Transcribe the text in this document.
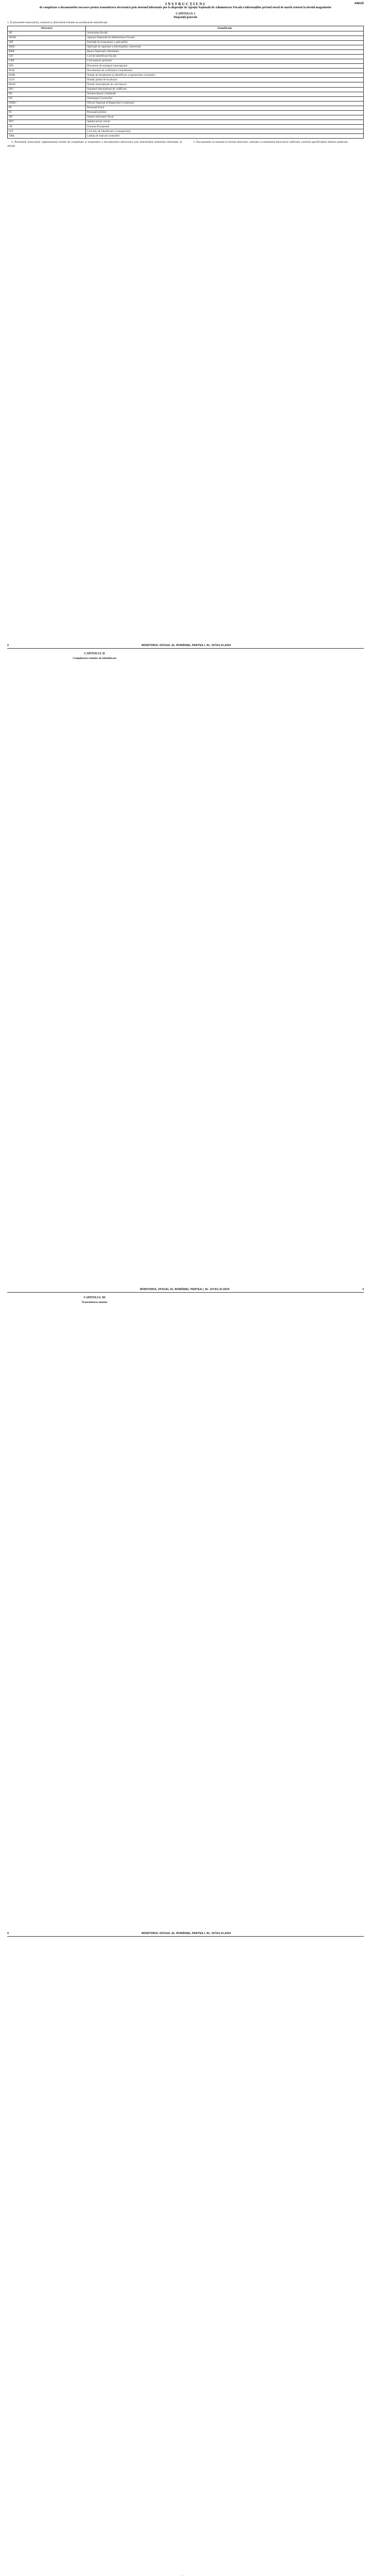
ANEXĂ
INSTRUCȚIUNI
de completare a documentelor necesare pentru transmiterea electronică prin sistemul informatic pus la dispoziție de Agenția Națională de Administrare Fiscală a informațiilor privind stocul de marfă existent la nivelul magazinelor
CAPITOLUL I
Dispoziții generale
1. În prezentele instrucțiuni, termenii și abrevierile folosite au următoarele semnificații:
Abreviere	Semnificație
AF	Autoritatea fiscală
ANAF	Agenția Națională de Administrare Fiscală
API	Interfață de programare a aplicațiilor
ARIC	Aplicație de raportare a informațiilor comerciale
BNR	Banca Națională a României
CIF	Cod de identificare fiscală
CNP	Cod numeric personal
DTI	Document de transport internațional
DUK	Documentul de confirmare a transferului
EORI	Număr de înregistrare și identificare a operatorilor economici
GLN	Număr global de localizare
IBAN	Număr internațional de cont bancar
ISO	Standard internațional de codificare
NC	Nomenclatura Combinată
OG	Ordonanța Guvernului
ONRC	Oficiul Național al Registrului Comerțului
PF	Persoană fizică
PJ	Persoană juridică
SIF	Sistem informatic fiscal
SPV	Spațiul privat virtual
UE	Uniunea Europeană
UIT	Cod unic de identificare a transportului
XML	Limbaj de marcare extensibil

2. Prezentele instrucțiuni reglementează modul de completare și transmitere a documentelor electronice prin intermediul sistemului informatic al ANAF.

3. Documentele se transmit în format electronic, semnate cu semnătură electronică calificată, conform specificațiilor tehnice publicate.

2	MONITORUL OFICIAL AL ROMÂNIEI, PARTEA I, Nr. 1074/1.XI.2024
CAPITOLUL II
Completarea datelor de identificare
MONITORUL OFICIAL AL ROMÂNIEI, PARTEA I, Nr. 1074/1.XI.2024	3
CAPITOLUL III
Transmiterea datelor
4	MONITORUL OFICIAL AL ROMÂNIEI, PARTEA I, Nr. 1074/1.XI.2024
